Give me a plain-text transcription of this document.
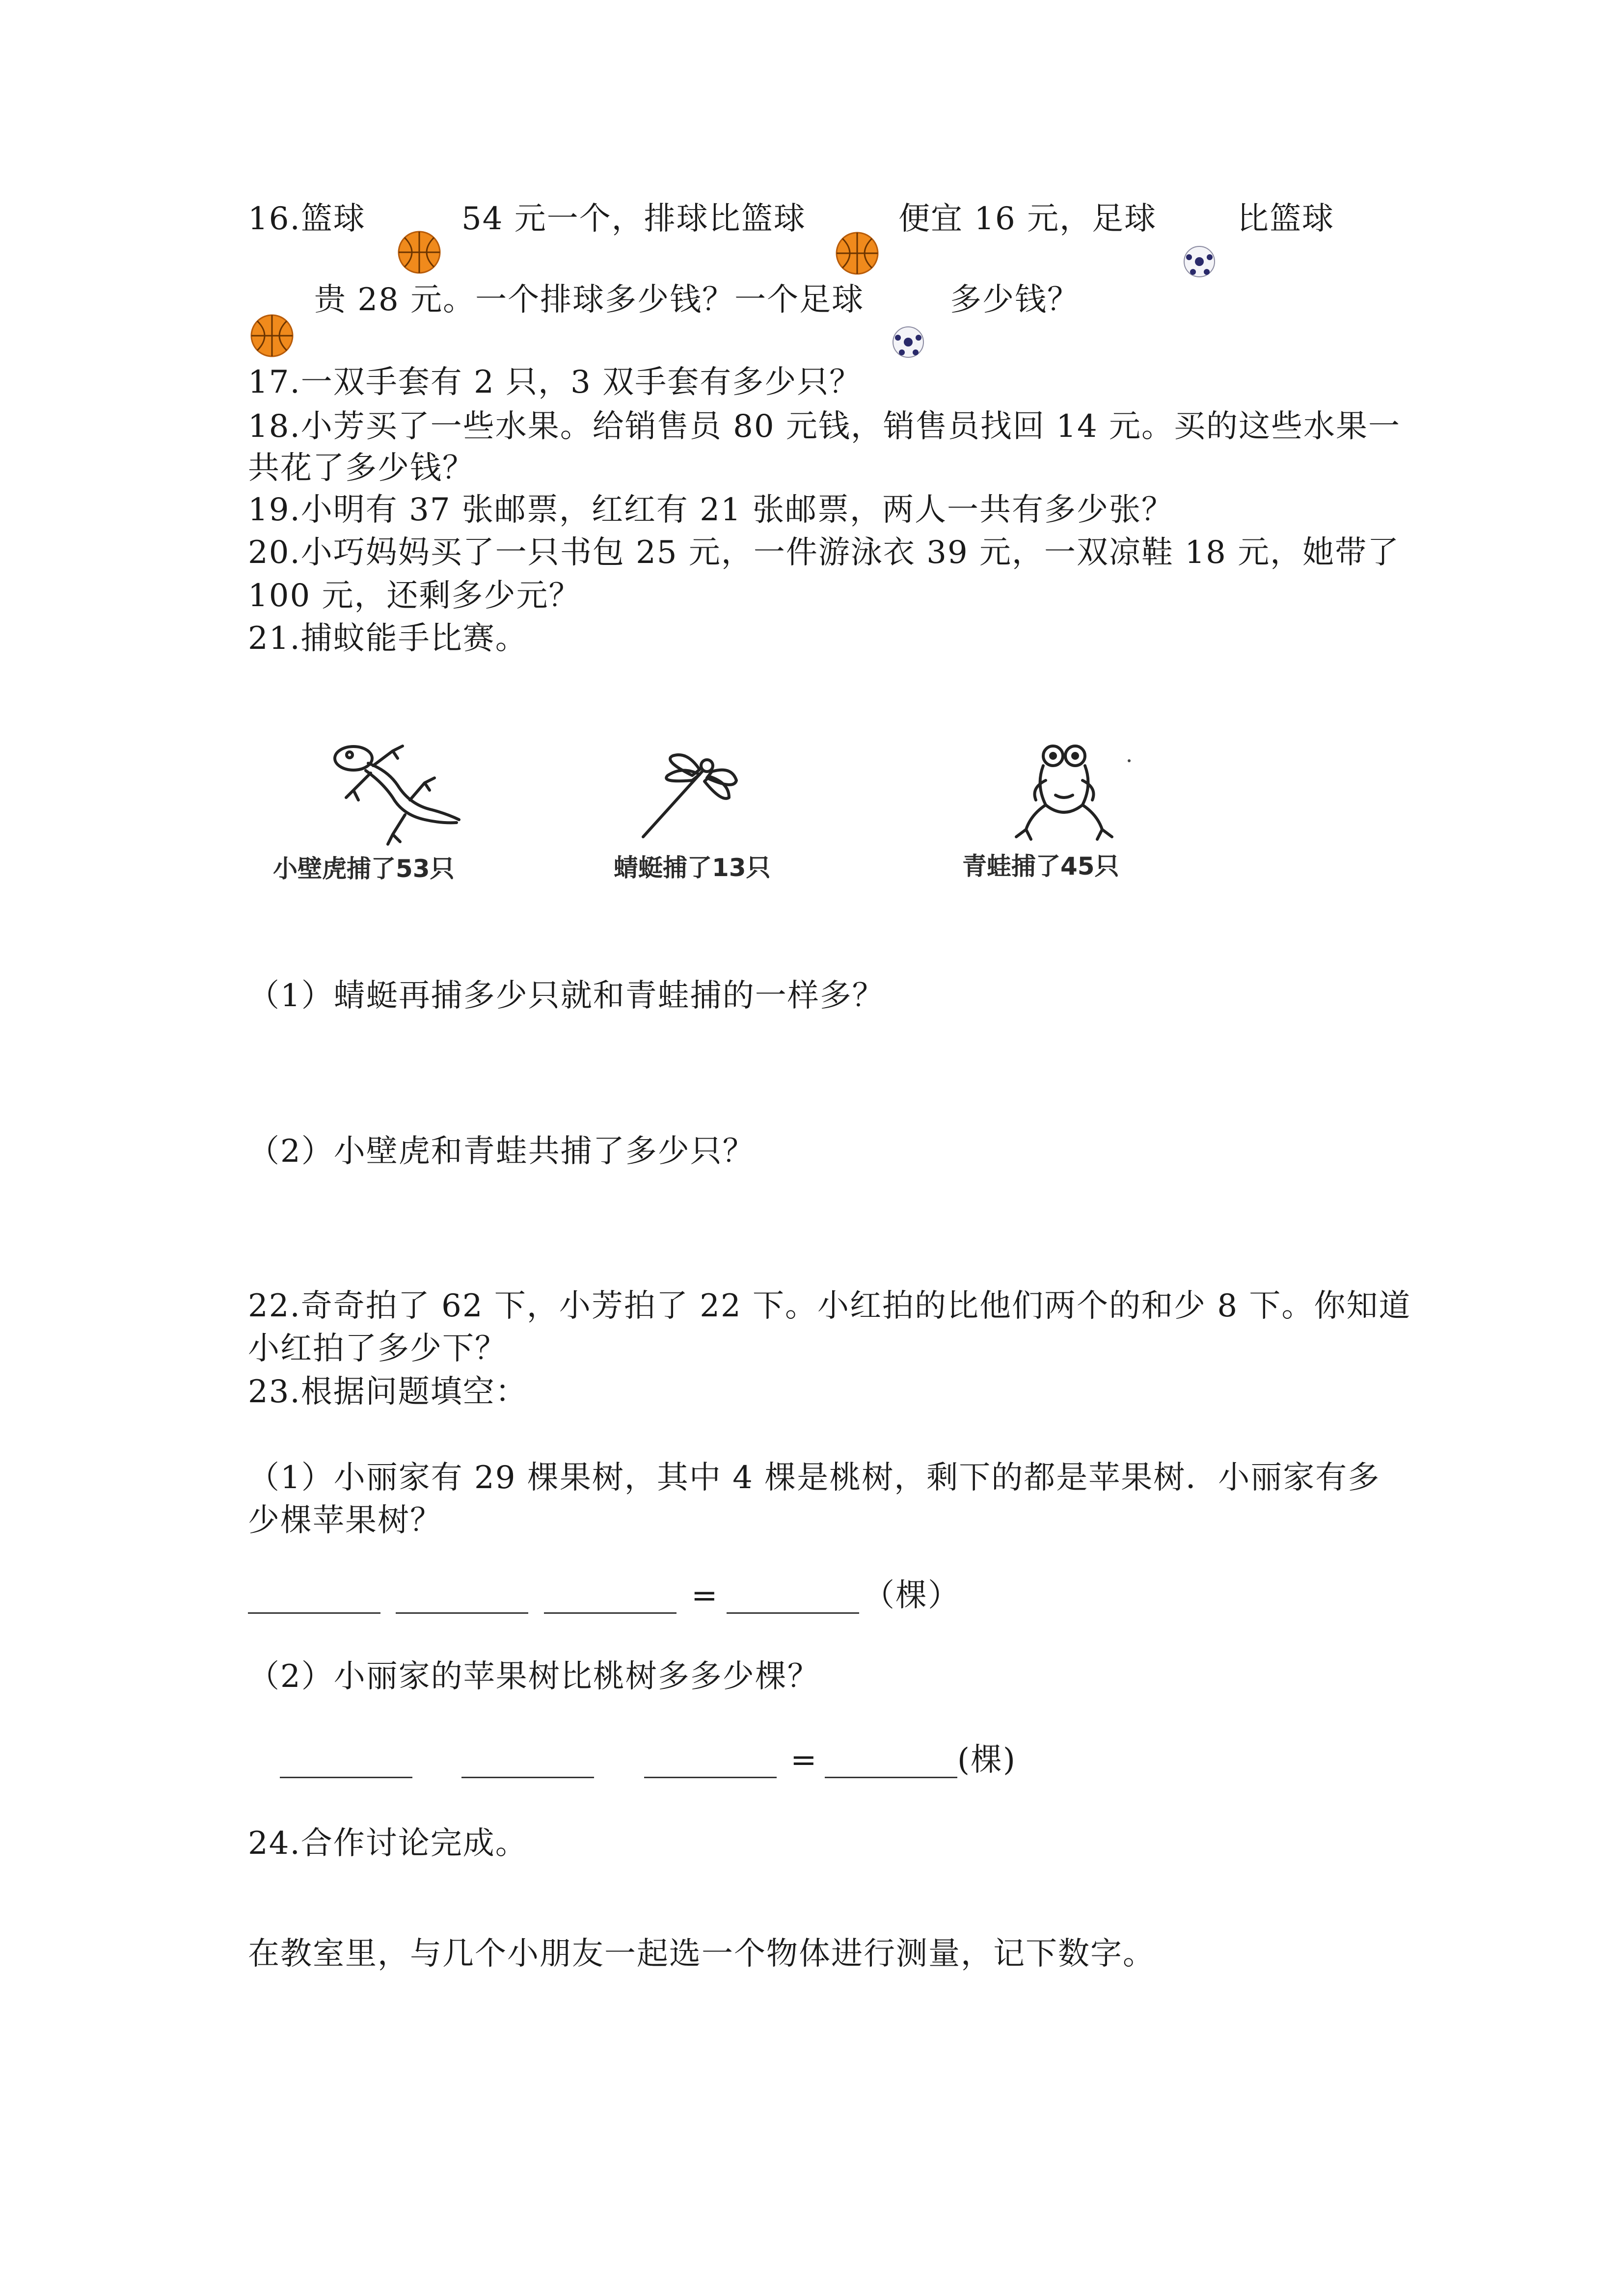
16.篮球	54 元一个，排球比篮球	便宜 16 元，足球	比篮球
贵 28 元。一个排球多少钱？一个足球	多少钱？
17.一双手套有 2 只，3 双手套有多少只？
18.小芳买了一些水果。给销售员 80 元钱，销售员找回 14 元。买的这些水果一
共花了多少钱？
19.小明有 37 张邮票，红红有 21 张邮票，两人一共有多少张？
20.小巧妈妈买了一只书包 25 元，一件游泳衣 39 元，一双凉鞋 18 元，她带了
100 元，还剩多少元？
21.捕蚊能手比赛。
小壁虎捕了53只	蜻蜓捕了13只	青蛙捕了45只
（1）蜻蜓再捕多少只就和青蛙捕的一样多？
（2）小壁虎和青蛙共捕了多少只？
22.奇奇拍了 62 下，小芳拍了 22 下。小红拍的比他们两个的和少 8 下。你知道
小红拍了多少下？
23.根据问题填空：
（1）小丽家有 29 棵果树，其中 4 棵是桃树，剩下的都是苹果树．小丽家有多
少棵苹果树？
=	（棵）
（2）小丽家的苹果树比桃树多多少棵？
=	(棵)
24.合作讨论完成。
在教室里，与几个小朋友一起选一个物体进行测量，记下数字。
